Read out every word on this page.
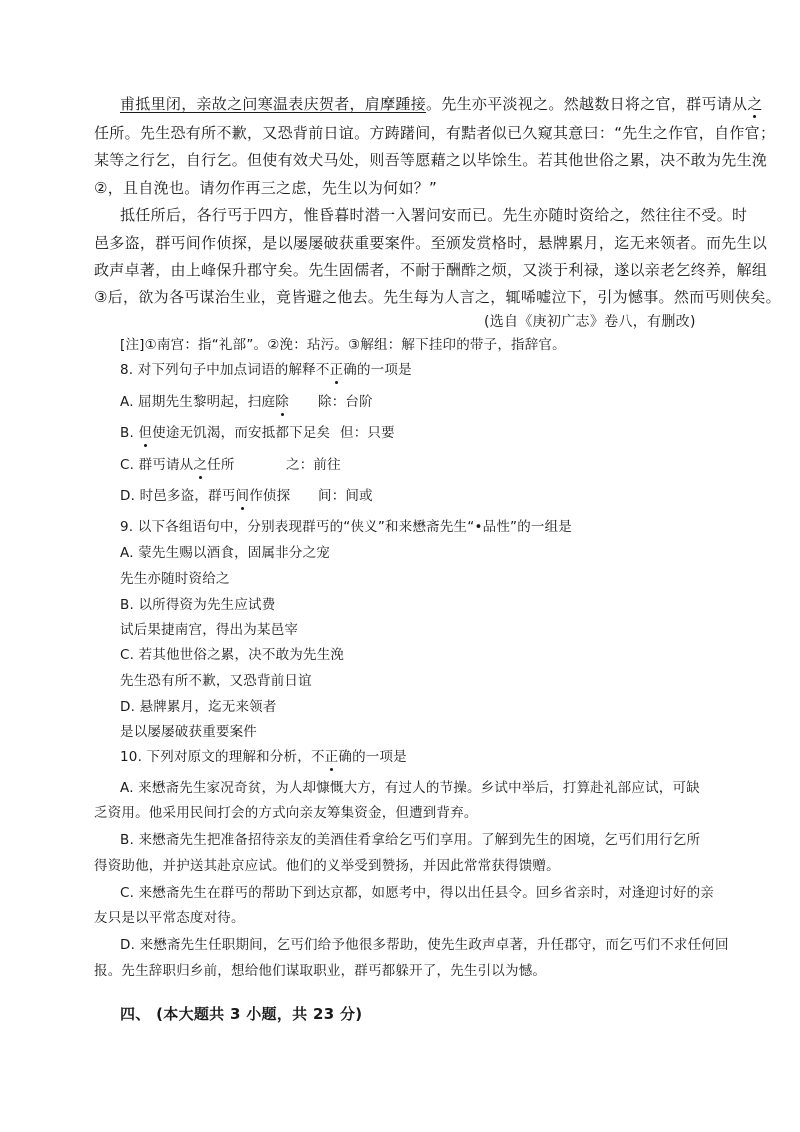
甫抵里闭，亲故之问寒温表庆贺者，肩摩踵接。先生亦平淡视之。然越数日将之官，群丐请从之
任所。先生恐有所不歉，又恐背前日谊。方踌躇间，有黠者似已久窥其意曰：“先生之作官，自作官；
某等之行乞，自行乞。但使有效犬马处，则吾等愿藉之以毕馀生。若其他世俗之累，决不敢为先生浼
②，且自浼也。请勿作再三之虑，先生以为何如？”
抵任所后，各行丐于四方，惟昏暮时潜一入署问安而已。先生亦随时资给之，然往往不受。时
邑多盗，群丐间作侦探，是以屡屡破获重要案件。至颁发赏格时，悬牌累月，迄无来领者。而先生以
政声卓著，由上峰保升郡守矣。先生固儒者，不耐于酬酢之烦，又淡于利禄，遂以亲老乞终养，解组
③后，欲为各丐谋治生业，竟皆避之他去。先生每为人言之，辄唏嘘泣下，引为憾事。然而丐则侠矣。
(选自《庚初广志》卷八，有删改)
[注]①南宫：指“礼部”。②浼：玷污。③解组：解下挂印的带子，指辞官。
8. 对下列句子中加点词语的解释不正确的一项是
A. 屈期先生黎明起，扫庭除 除：台阶
B. 但使途无饥渴，而安抵都下足矣 但：只要
C. 群丐请从之任所	之：前往
D. 时邑多盗，群丐间作侦探 间：间或
9. 以下各组语句中，分别表现群丐的“侠义”和来懋斋先生“•品性”的一组是
A. 蒙先生赐以酒食，固属非分之宠
先生亦随时资给之
B. 以所得资为先生应试费
试后果捷南宫，得出为某邑宰
C. 若其他世俗之累，决不敢为先生浼
先生恐有所不歉，又恐背前日谊
D. 悬牌累月，迄无来领者
是以屡屡破获重要案件
10. 下列对原文的理解和分析，不正确的一项是
A. 来懋斋先生家况奇贫，为人却慷慨大方，有过人的节操。乡试中举后，打算赴礼部应试，可缺
乏资用。他采用民间打会的方式向亲友筹集资金，但遭到背弃。
B. 来懋斋先生把准备招待亲友的美酒佳肴拿给乞丐们享用。了解到先生的困境，乞丐们用行乞所
得资助他，并护送其赴京应试。他们的义举受到赞扬，并因此常常获得馈赠。
C. 来懋斋先生在群丐的帮助下到达京都，如愿考中，得以出任县令。回乡省亲时，对逢迎讨好的亲
友只是以平常态度对待。
D. 来懋斋先生任职期间，乞丐们给予他很多帮助，使先生政声卓著，升任郡守，而乞丐们不求任何回
报。先生辞职归乡前，想给他们谋取职业，群丐都躲开了，先生引以为憾。
四、 (本大题共 3 小题，共 23 分)
